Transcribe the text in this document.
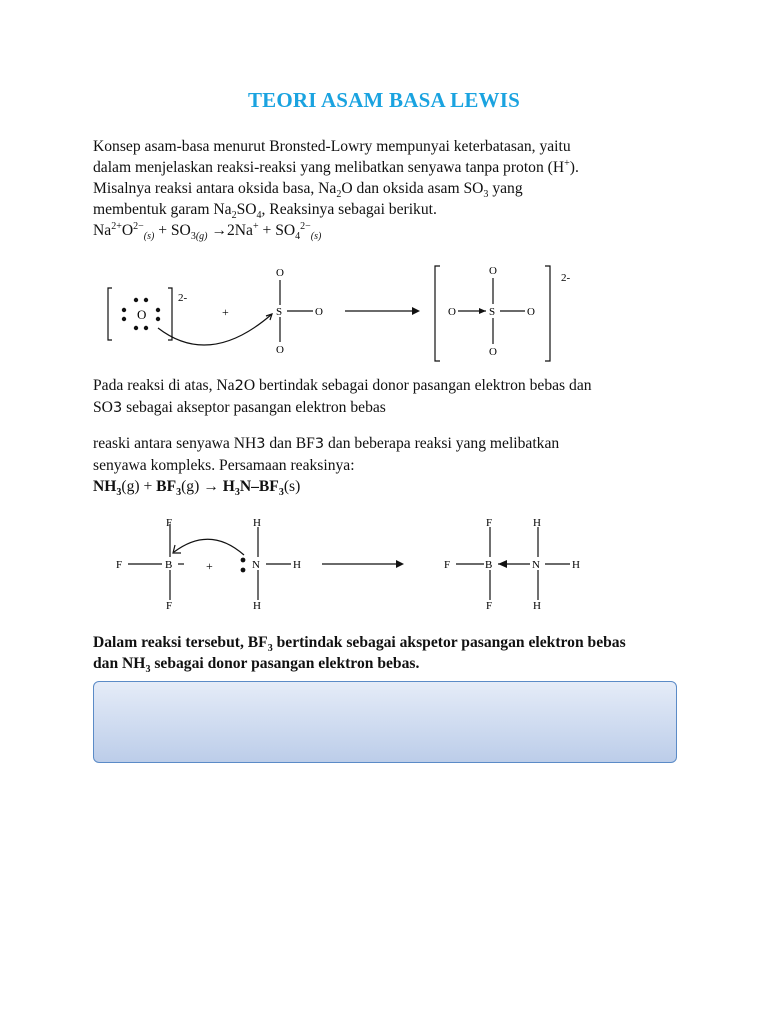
TEORI ASAM BASA LEWIS
Konsep asam-basa menurut Bronsted-Lowry mempunyai keterbatasan, yaitu
dalam menjelaskan reaksi-reaksi yang melibatkan senyawa tanpa proton (H+).
Misalnya reaksi antara oksida basa, $Na_2O$ dan oksida asam $SO_3$ yang
membentuk garam $Na_2SO_4$, Reaksinya sebagai berikut.
$Na^{2+}O^{2-}_{(s)} + SO_{3(g)} \to 2Na^+ + SO_4^{2-}_{(s)}$
O
2-
+
O
S	O
O
O	S	O
O
O
2-
Pada reaksi di atas, Na2O bertindak sebagai donor pasangan elektron bebas dan
SO3 sebagai akseptor pasangan elektron bebas
reaski antara senyawa NH3 dan BF3 dan beberapa reaksi yang melibatkan
senyawa kompleks. Persamaan reaksinya:
$NH_3(g) + BF_3(g) \to H_3N-BF_3(s)$
F
F	B
F
+
H
N	H
H
F
F	B
F
H
N	H
H
Dalam reaksi tersebut, $BF_3$ bertindak sebagai akspetor pasangan elektron bebas
dan $NH_3$ sebagai donor pasangan elektron bebas.
